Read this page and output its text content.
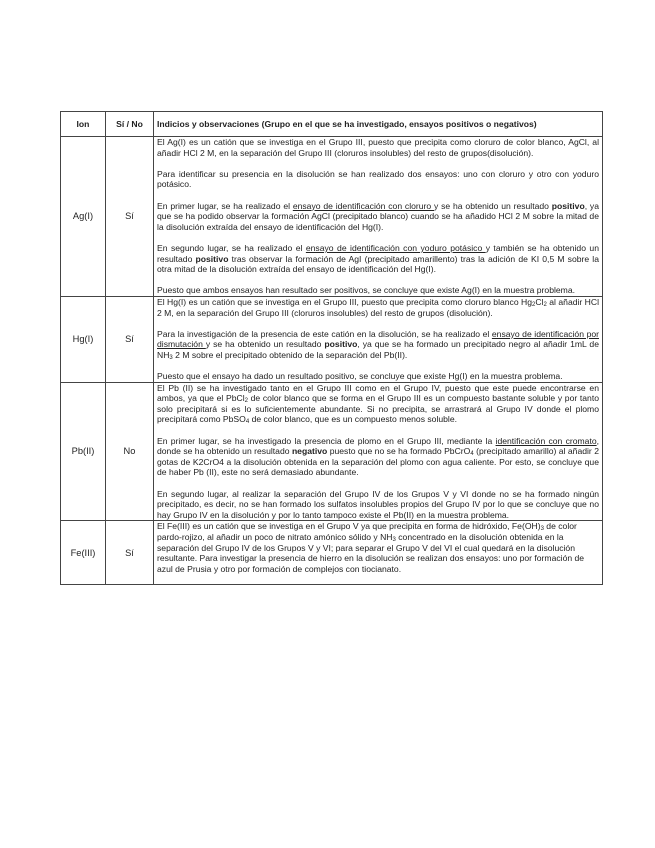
Ion	Sí / No	Indicios y observaciones (Grupo en el que se ha investigado, ensayos positivos o negativos)
Ag(I)	Sí	El Ag(I) es un catión que se investiga en el Grupo III, puesto que precipita como cloruro de color blanco, AgCl, al añadir HCl 2 M, en la separación del Grupo III (cloruros insolubles) del resto de grupos(disolución).

Para identificar su presencia en la disolución se han realizado dos ensayos: uno con cloruro y otro con yoduro potásico.

En primer lugar, se ha realizado el ensayo de identificación con cloruro y se ha obtenido un resultado positivo, ya que se ha podido observar la formación AgCl (precipitado blanco) cuando se ha añadido HCl 2 M sobre la mitad de la disolución extraída del ensayo de identificación del Hg(I).

En segundo lugar, se ha realizado el ensayo de identificación con yoduro potásico y también se ha obtenido un resultado positivo tras observar la formación de AgI (precipitado amarillento) tras la adición de KI 0,5 M sobre la otra mitad de la disolución extraída del ensayo de identificación del Hg(I).

Puesto que ambos ensayos han resultado ser positivos, se concluye que existe Ag(I) en la muestra problema.

Hg(I)	Sí	El Hg(I) es un catión que se investiga en el Grupo III, puesto que precipita como cloruro blanco $Hg_2Cl_2$ al añadir HCl 2 M, en la separación del Grupo III (cloruros insolubles) del resto de grupos (disolución).

Para la investigación de la presencia de este catión en la disolución, se ha realizado el ensayo de identificación por dismutación y se ha obtenido un resultado positivo, ya que se ha formado un precipitado negro al añadir 1mL de $NH_3$ 2 M sobre el precipitado obtenido de la separación del Pb(II).

Puesto que el ensayo ha dado un resultado positivo, se concluye que existe Hg(I) en la muestra problema.

Pb(II)	No	El Pb (II) se ha investigado tanto en el Grupo III como en el Grupo IV, puesto que este puede encontrarse en ambos, ya que el PbCl$_2$ de color blanco que se forma en el Grupo III es un compuesto bastante soluble y por tanto solo precipitará si es lo suficientemente abundante. Si no precipita, se arrastrará al Grupo IV donde el plomo precipitará como PbSO$_4$ de color blanco, que es un compuesto menos soluble.

En primer lugar, se ha investigado la presencia de plomo en el Grupo III, mediante la identificación con cromato, donde se ha obtenido un resultado negativo puesto que no se ha formado PbCrO$_4$ (precipitado amarillo) al añadir 2 gotas de K2CrO4 a la disolución obtenida en la separación del plomo con agua caliente. Por esto, se concluye que de haber Pb (II), este no será demasiado abundante.

En segundo lugar, al realizar la separación del Grupo IV de los Grupos V y VI donde no se ha formado ningún precipitado, es decir, no se han formado los sulfatos insolubles propios del Grupo IV por lo que se concluye que no hay Grupo IV en la disolución y por lo tanto tampoco existe el Pb(II) en la muestra problema.

Fe(III)	Sí	El Fe(III) es un catión que se investiga en el Grupo V ya que precipita en forma de hidróxido, $Fe(OH)_3$ de color pardo-rojizo, al añadir un poco de nitrato amónico sólido y $NH_3$ concentrado en la disolución obtenida en la separación del Grupo IV de los Grupos V y VI; para separar el Grupo V del VI el cual quedará en la disolución resultante. Para investigar la presencia de hierro en la disolución se realizan dos ensayos: uno por formación de azul de Prusia y otro por formación de complejos con tiocianato.
